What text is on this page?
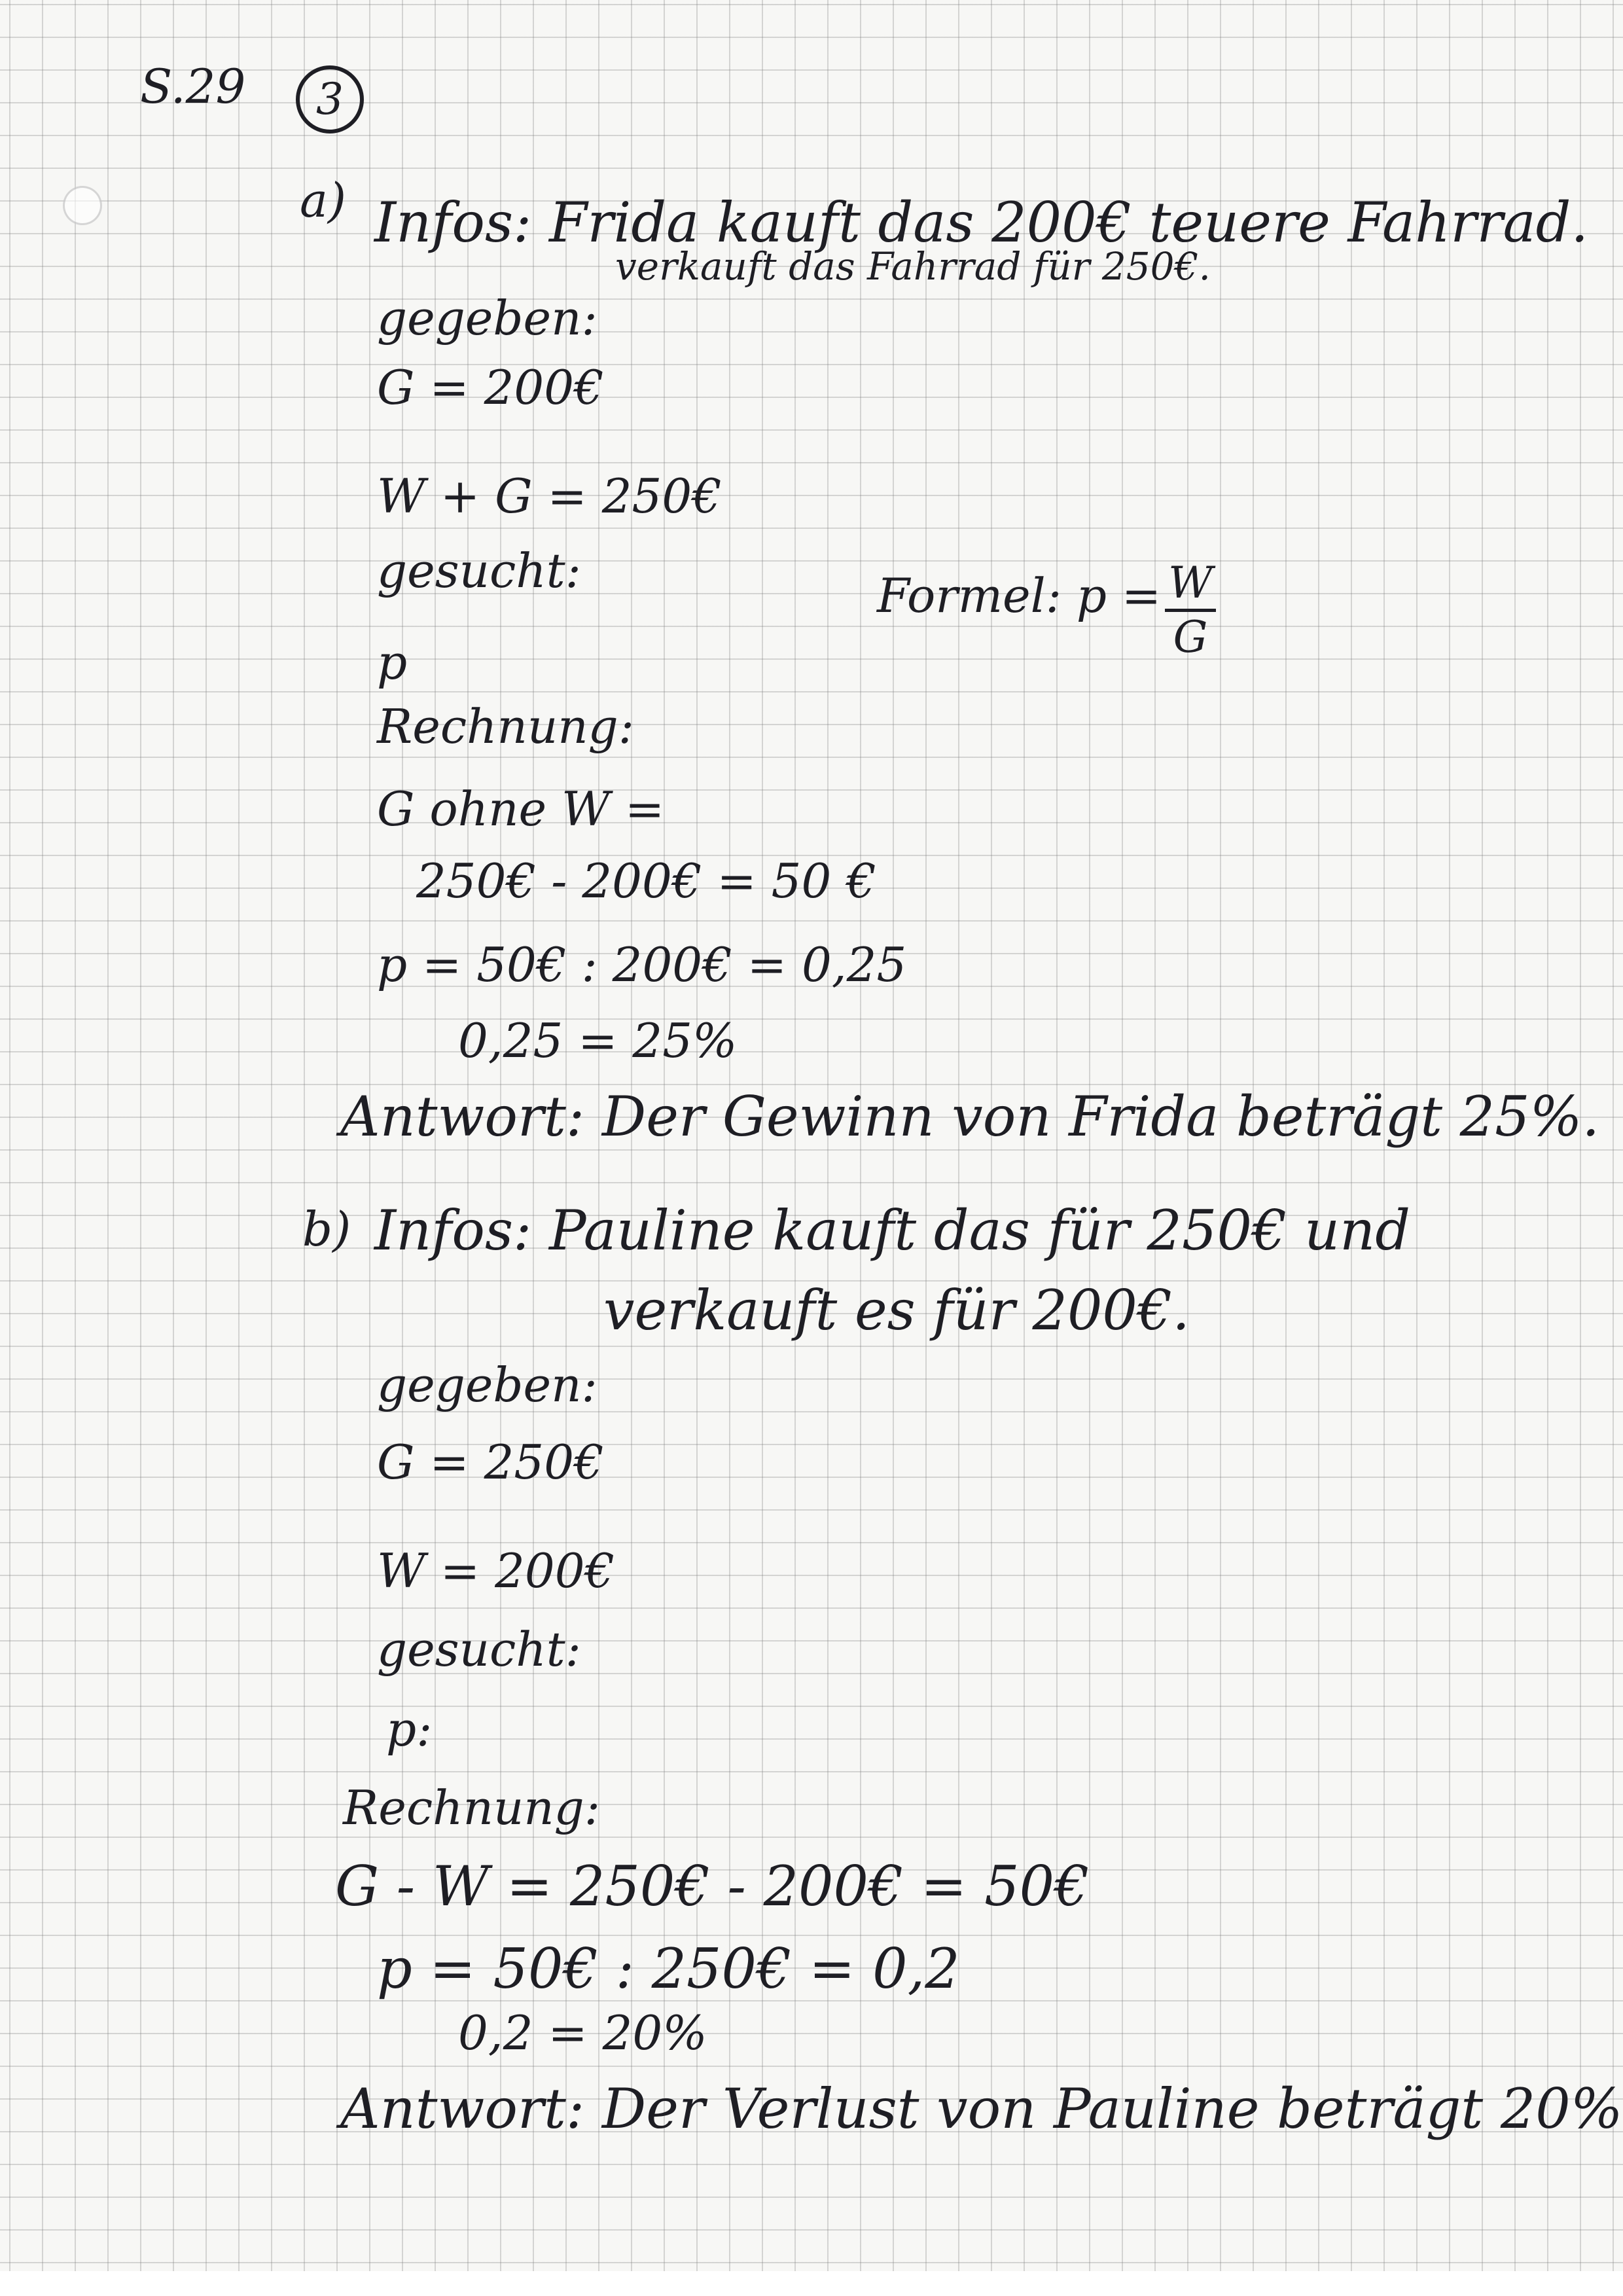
S.29	3
a) Infos: Frida kauft das 200€ teuere Fahrrad.
verkauft das Fahrrad für 250€.
gegeben:
G = 200€
W + G = 250€
gesucht:
p
Formel: p = W
G
Rechnung:
G ohne W =
250€ - 200€ = 50 €
p = 50€ : 200€ = 0,25
0,25 = 25%
Antwort: Der Gewinn von Frida beträgt 25%.
b) Infos: Pauline kauft das für 250€ und
verkauft es für 200€.
gegeben:
G = 250€
W = 200€
gesucht:
p:
Rechnung:
G - W = 250€ - 200€ = 50€
p = 50€ : 250€ = 0,2
0,2 = 20%
Antwort: Der Verlust von Pauline beträgt 20%
